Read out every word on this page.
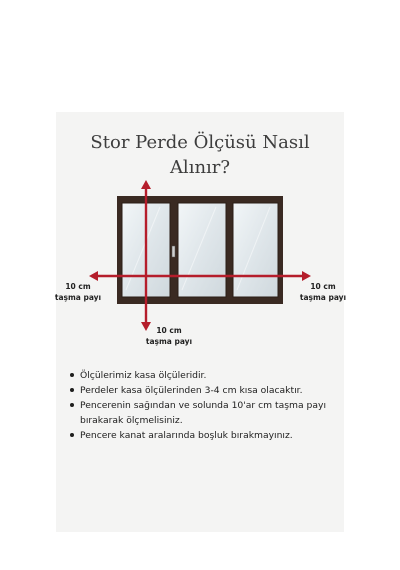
Stor Perde Ölçüsü Nasıl
Alınır?
10 cm
taşma payı
10 cm
taşma payı
10 cm
taşma payı
Ölçülerimiz kasa ölçüleridir.
Perdeler kasa ölçülerinden 3-4 cm kısa olacaktır.
Pencerenin sağından ve solunda 10'ar cm taşma payı bırakarak ölçmelisiniz.
Pencere kanat aralarında boşluk bırakmayınız.
